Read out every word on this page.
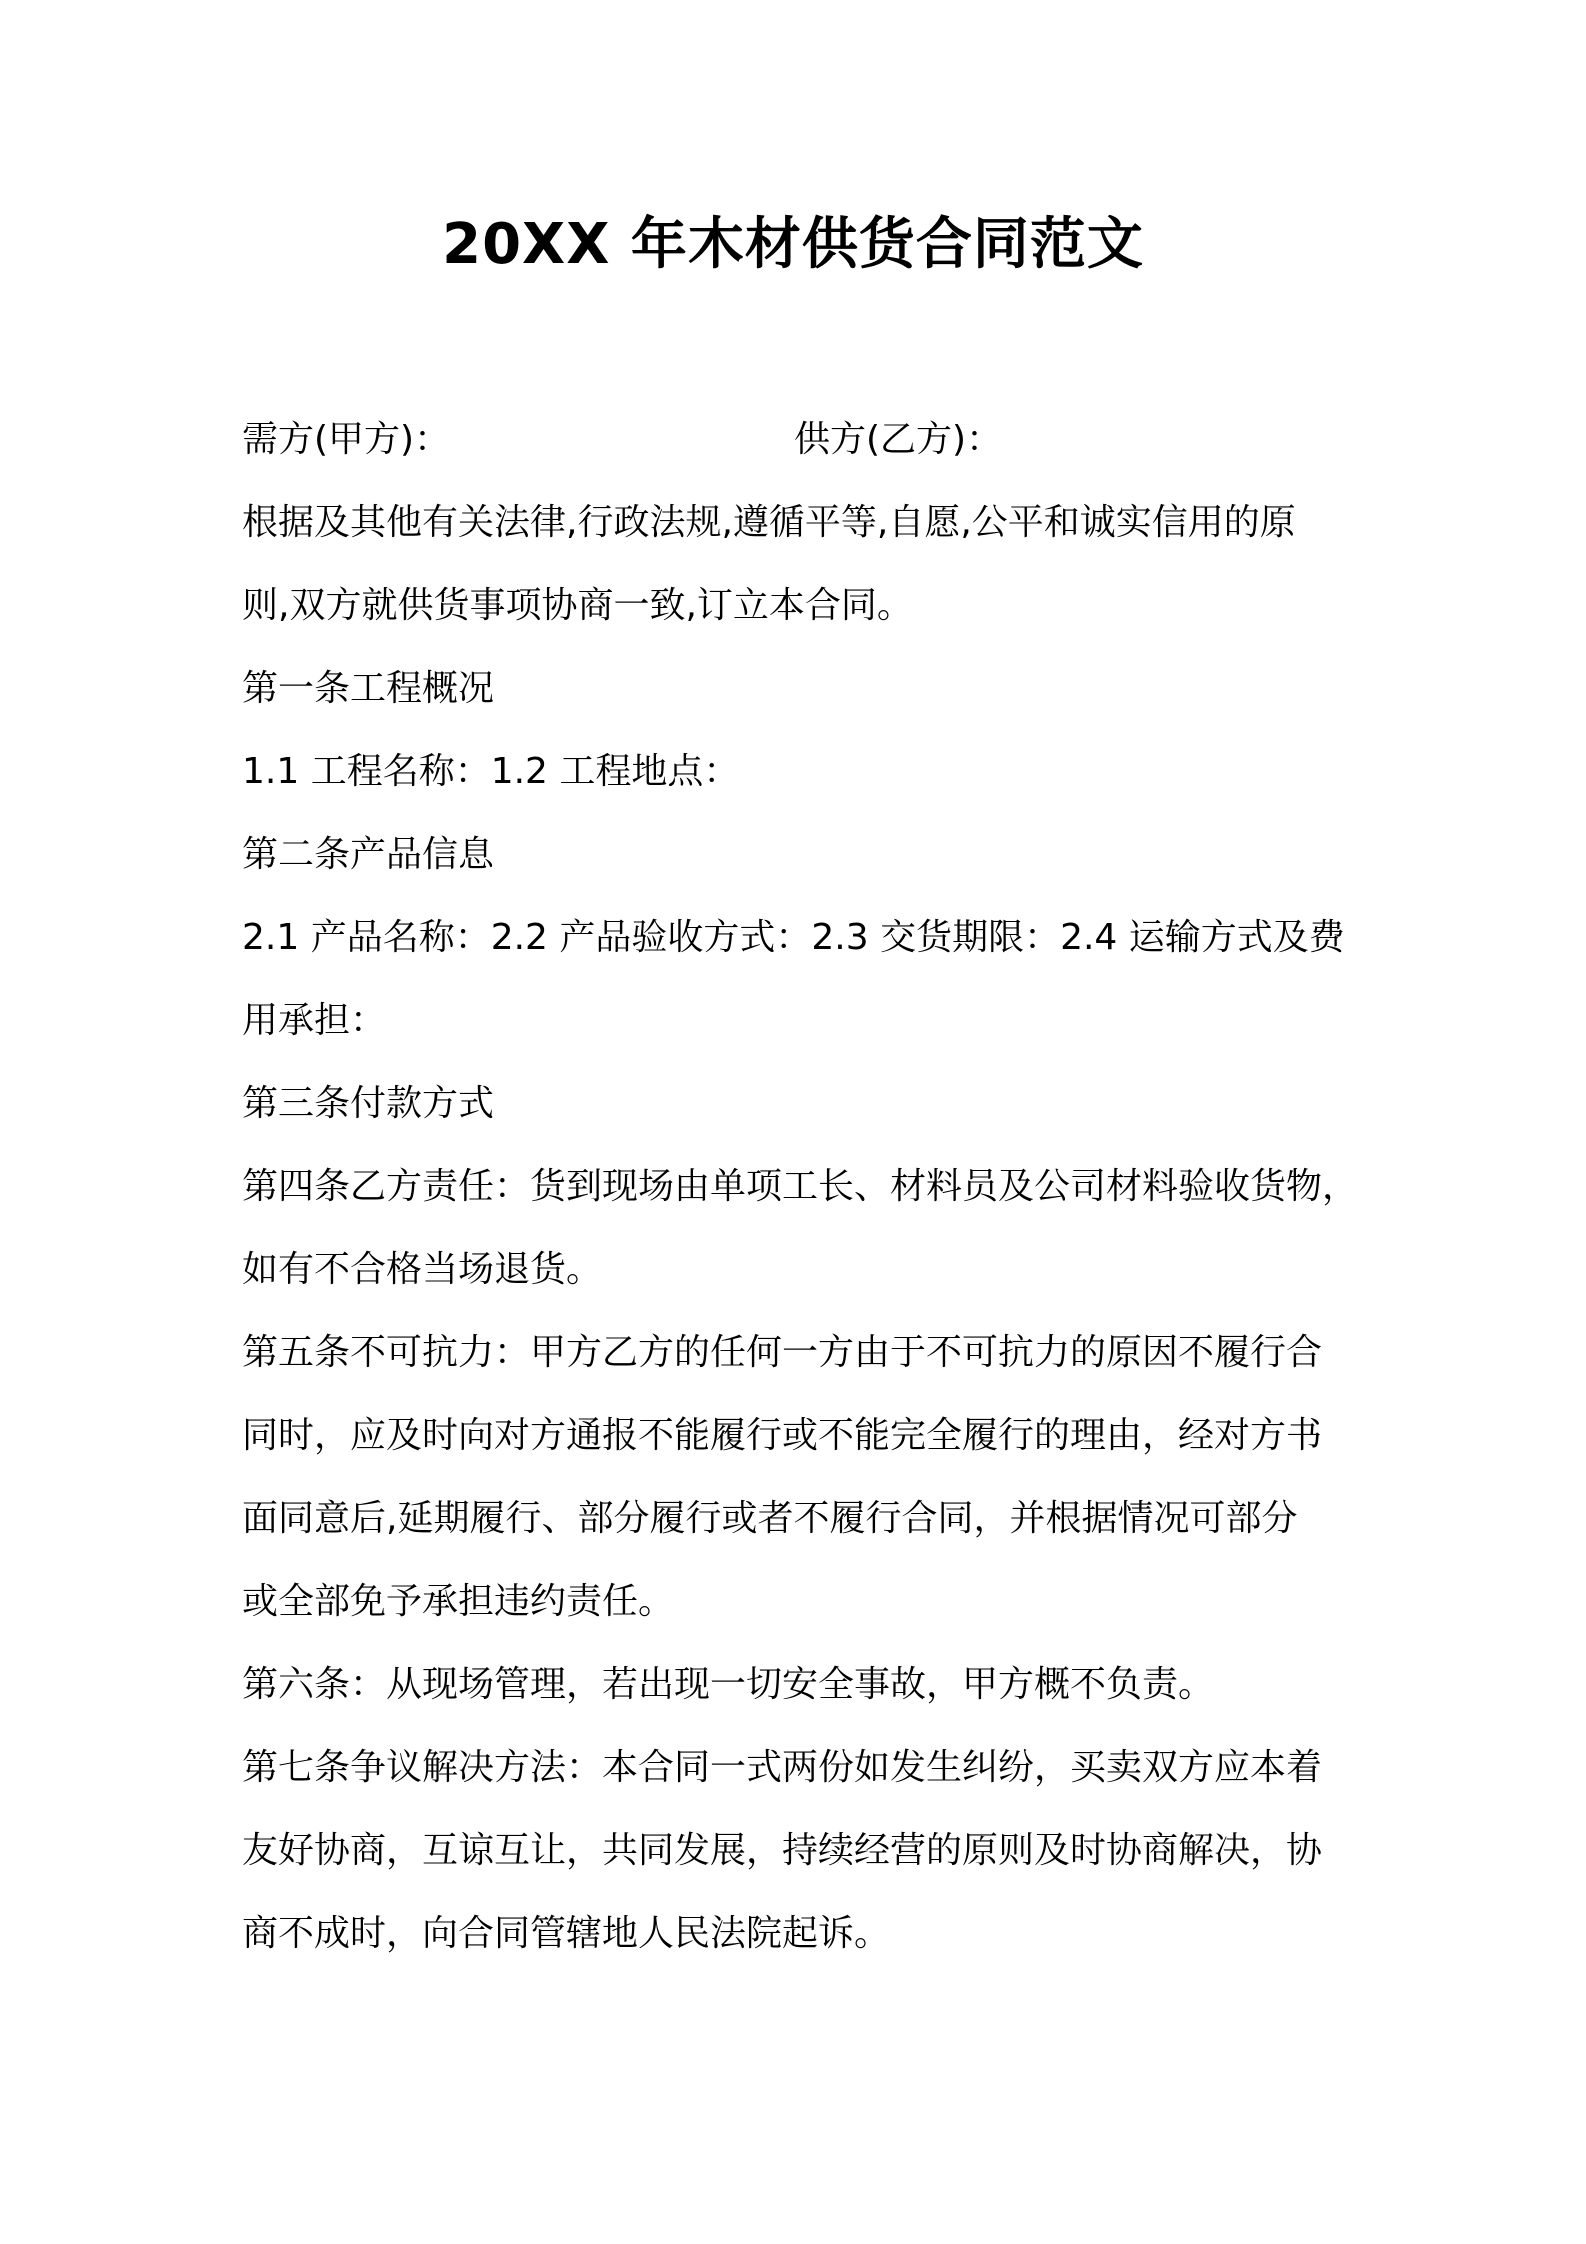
20XX 年木材供货合同范文
需方(甲方)：	供方(乙方)：

根据及其他有关法律,行政法规,遵循平等,自愿,公平和诚实信用的原

则,双方就供货事项协商一致,订立本合同。

第一条工程概况

1.1 工程名称：1.2 工程地点：

第二条产品信息

2.1 产品名称：2.2 产品验收方式：2.3 交货期限：2.4 运输方式及费

用承担：

第三条付款方式

第四条乙方责任：货到现场由单项工长、材料员及公司材料验收货物，

如有不合格当场退货。

第五条不可抗力：甲方乙方的任何一方由于不可抗力的原因不履行合

同时，应及时向对方通报不能履行或不能完全履行的理由，经对方书

面同意后,延期履行、部分履行或者不履行合同，并根据情况可部分

或全部免予承担违约责任。

第六条：从现场管理，若出现一切安全事故，甲方概不负责。

第七条争议解决方法：本合同一式两份如发生纠纷，买卖双方应本着

友好协商，互谅互让，共同发展，持续经营的原则及时协商解决，协

商不成时，向合同管辖地人民法院起诉。
